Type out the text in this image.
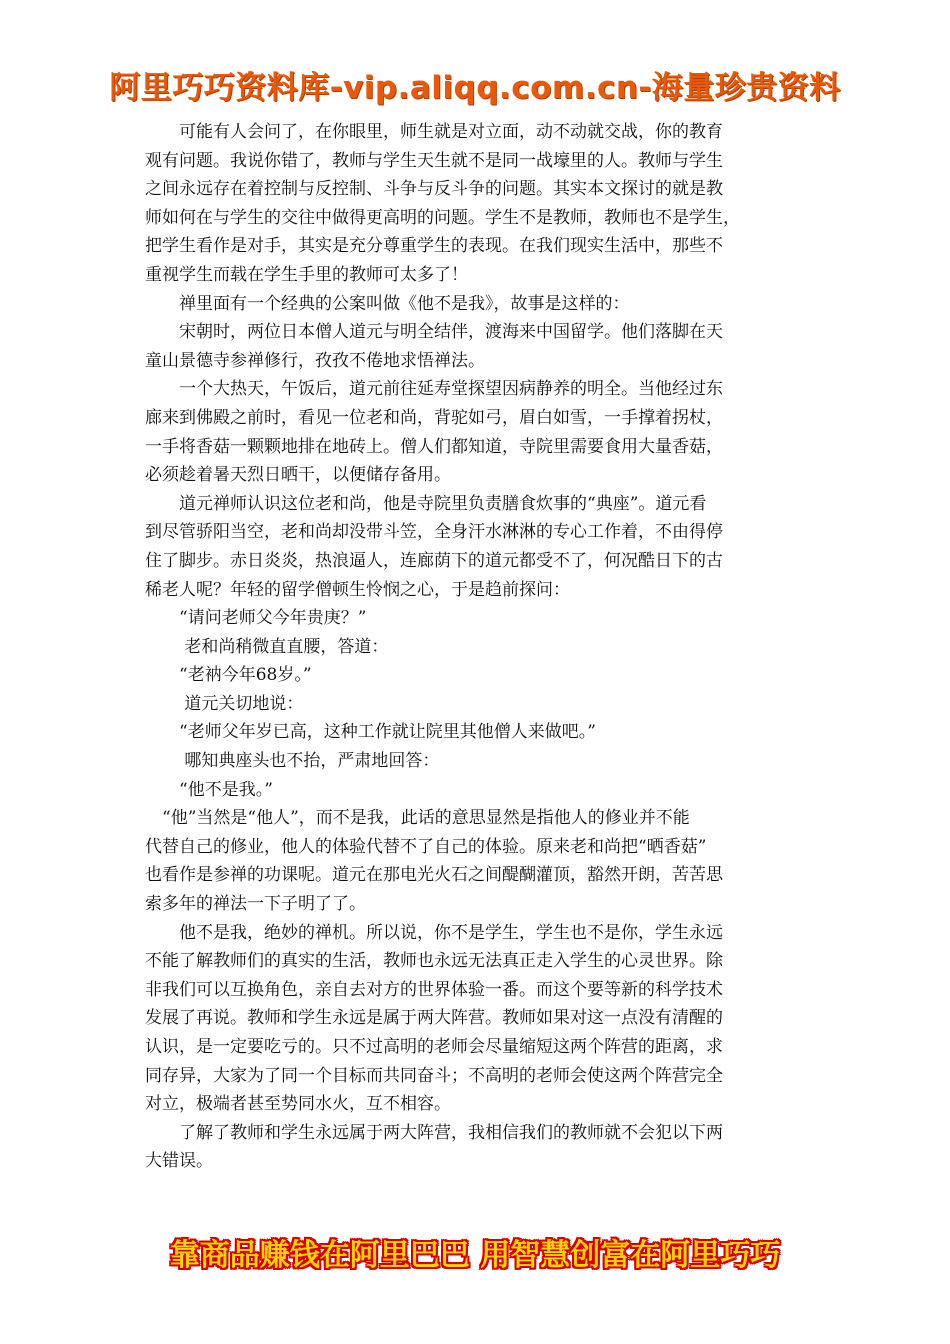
阿里巧巧资料库-vip.aliqq.com.cn-海量珍贵资料
　　可能有人会问了，在你眼里，师生就是对立面，动不动就交战，你的教育
观有问题。我说你错了，教师与学生天生就不是同一战壕里的人。教师与学生
之间永远存在着控制与反控制、斗争与反斗争的问题。其实本文探讨的就是教
师如何在与学生的交往中做得更高明的问题。学生不是教师，教师也不是学生，
把学生看作是对手，其实是充分尊重学生的表现。在我们现实生活中，那些不
重视学生而载在学生手里的教师可太多了！
　　禅里面有一个经典的公案叫做《他不是我》，故事是这样的：
　　宋朝时，两位日本僧人道元与明全结伴，渡海来中国留学。他们落脚在天
童山景德寺参禅修行，孜孜不倦地求悟禅法。
　　一个大热天，午饭后，道元前往延寿堂探望因病静养的明全。当他经过东
廊来到佛殿之前时，看见一位老和尚，背驼如弓，眉白如雪，一手撑着拐杖，
一手将香菇一颗颗地排在地砖上。僧人们都知道，寺院里需要食用大量香菇，
必须趁着暑天烈日晒干，以便储存备用。
　　道元禅师认识这位老和尚，他是寺院里负责膳食炊事的“典座”。道元看
到尽管骄阳当空，老和尚却没带斗笠，全身汗水淋淋的专心工作着，不由得停
住了脚步。赤日炎炎，热浪逼人，连廊荫下的道元都受不了，何况酷日下的古
稀老人呢？年轻的留学僧顿生怜悯之心，于是趋前探问：
　　“请问老师父今年贵庚？”
　　 老和尚稍微直直腰，答道：
　　“老衲今年68岁。”
　　 道元关切地说：
　　“老师父年岁已高，这种工作就让院里其他僧人来做吧。”
　　 哪知典座头也不抬，严肃地回答：
　　“他不是我。”
　“他”当然是“他人”，而不是我，此话的意思显然是指他人的修业并不能
代替自己的修业，他人的体验代替不了自己的体验。原来老和尚把“晒香菇”
也看作是参禅的功课呢。道元在那电光火石之间醍醐灌顶，豁然开朗，苦苦思
索多年的禅法一下子明了了。
　　他不是我，绝妙的禅机。所以说，你不是学生，学生也不是你，学生永远
不能了解教师们的真实的生活，教师也永远无法真正走入学生的心灵世界。除
非我们可以互换角色，亲自去对方的世界体验一番。而这个要等新的科学技术
发展了再说。教师和学生永远是属于两大阵营。教师如果对这一点没有清醒的
认识，是一定要吃亏的。只不过高明的老师会尽量缩短这两个阵营的距离，求
同存异，大家为了同一个目标而共同奋斗；不高明的老师会使这两个阵营完全
对立，极端者甚至势同水火，互不相容。
　　了解了教师和学生永远属于两大阵营，我相信我们的教师就不会犯以下两
大错误。
靠商品赚钱在阿里巴巴 用智慧创富在阿里巧巧
